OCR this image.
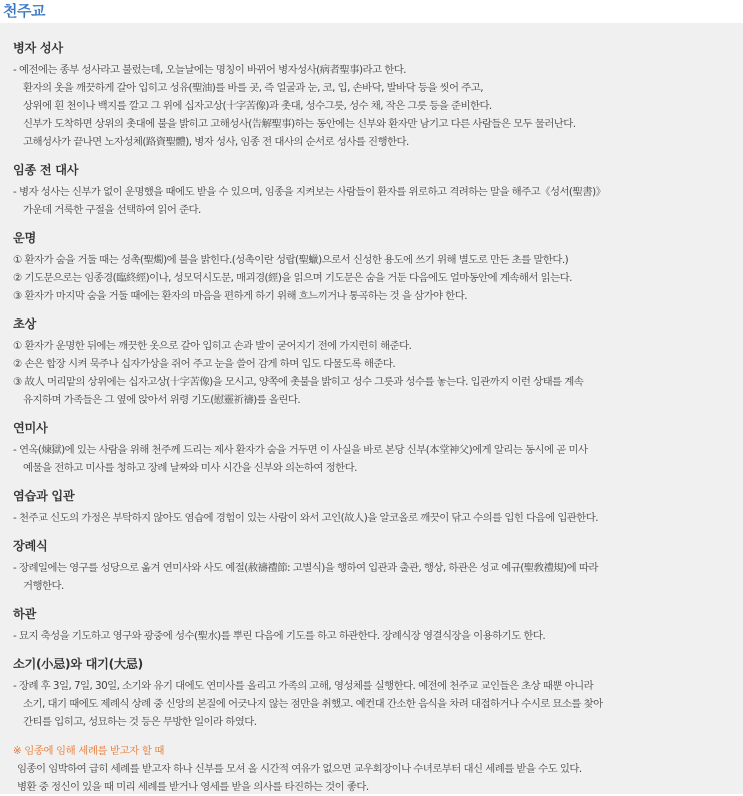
천주교
병자 성사
- 예전에는 종부 성사라고 불렀는데, 오늘날에는 명칭이 바뀌어 병자성사(病者聖事)라고 한다.
환자의 옷을 깨끗하게 갈아 입히고 성유(聖油)를 바를 곳, 즉 얼굴과 눈, 코, 입, 손바닥, 발바닥 등을 씻어 주고,
상위에 흰 천이나 백지를 깔고 그 위에 십자고상(十字苦像)과 촛대, 성수그릇, 성수 채, 작은 그릇 등을 준비한다.
신부가 도착하면 상위의 촛대에 불을 밝히고 고해성사(告解聖事)하는 동안에는 신부와 환자만 남기고 다른 사람들은 모두 물러난다.
고해성사가 끝나면 노자성체(路資聖體), 병자 성사, 임종 전 대사의 순서로 성사를 진행한다.
임종 전 대사
- 병자 성사는 신부가 없이 운명했을 때에도 받을 수 있으며, 임종을 지켜보는 사람들이 환자를 위로하고 격려하는 말을 해주고《성서(聖書)》
가운데 거룩한 구절을 선택하여 읽어 준다.
운명
① 환자가 숨을 거둘 때는 성촉(聖燭)에 불을 밝힌다.(성촉이란 성랍(聖蠟)으로서 신성한 용도에 쓰기 위해 별도로 만든 초를 말한다.)
② 기도문으로는 임종경(臨終經)이나, 성모덕시도문, 매괴경(經)을 읽으며 기도문은 숨을 거둔 다음에도 얼마동안에 계속해서 읽는다.
③ 환자가 마지막 숨을 거둘 때에는 환자의 마음을 편하게 하기 위해 흐느끼거나 통곡하는 것 을 삼가야 한다.
초상
① 환자가 운명한 뒤에는 깨끗한 옷으로 갈아 입히고 손과 발이 굳어지기 전에 가지런히 해준다.
② 손은 합장 시켜 묵주나 십자가상을 쥐어 주고 눈을 쓸어 감게 하며 입도 다물도록 해준다.
③ 故人 머리맡의 상위에는 십자고상(十字苦像)을 모시고, 양쪽에 촛불을 밝히고 성수 그릇과 성수를 놓는다. 입관까지 이런 상태를 계속
유지하며 가족들은 그 옆에 앉아서 위령 기도(慰靈祈禱)를 올린다.
연미사
- 연옥(煉獄)에 있는 사람을 위해 천주께 드리는 제사 환자가 숨을 거두면 이 사실을 바로 본당 신부(本堂神父)에게 알리는 동시에 곧 미사
예물을 전하고 미사를 청하고 장례 날짜와 미사 시간을 신부와 의논하여 정한다.
염습과 입관
- 천주교 신도의 가정은 부탁하지 않아도 염습에 경험이 있는 사람이 와서 고인(故人)을 알코올로 깨끗이 닦고 수의를 입힌 다음에 입관한다.
장례식
- 장례일에는 영구를 성당으로 옮겨 연미사와 사도 예절(赦禱禮節: 고별식)을 행하여 입관과 출관, 행상, 하관은 성교 예규(聖敎禮規)에 따라
거행한다.
하관
- 묘지 축성을 기도하고 영구와 광중에 성수(聖水)를 뿌린 다음에 기도를 하고 하관한다. 장례식장 영결식장을 이용하기도 한다.
소기(小忌)와 대기(大忌)
- 장례 후 3일, 7일, 30일, 소기와 유기 대에도 연미사를 올리고 가족의 고해, 영성체를 실행한다. 예전에 천주교 교인들은 초상 때뿐 아니라
소기, 대기 때에도 제례식 상례 중 신앙의 본질에 어긋나지 않는 점만을 취했고. 예컨대 간소한 음식을 차려 대접하거나 수시로 묘소를 찾아
간티를 입히고, 성묘하는 것 등은 무방한 일이라 하였다.
※ 임종에 임해 세례를 받고자 할 때
임종이 임박하여 급히 세례를 받고자 하나 신부를 모셔 올 시간적 여유가 없으면 교우회장이나 수녀로부터 대신 세례를 받을 수도 있다.
병환 중 정신이 있을 때 미리 세례를 받거나 영세를 받을 의사를 타진하는 것이 좋다.
